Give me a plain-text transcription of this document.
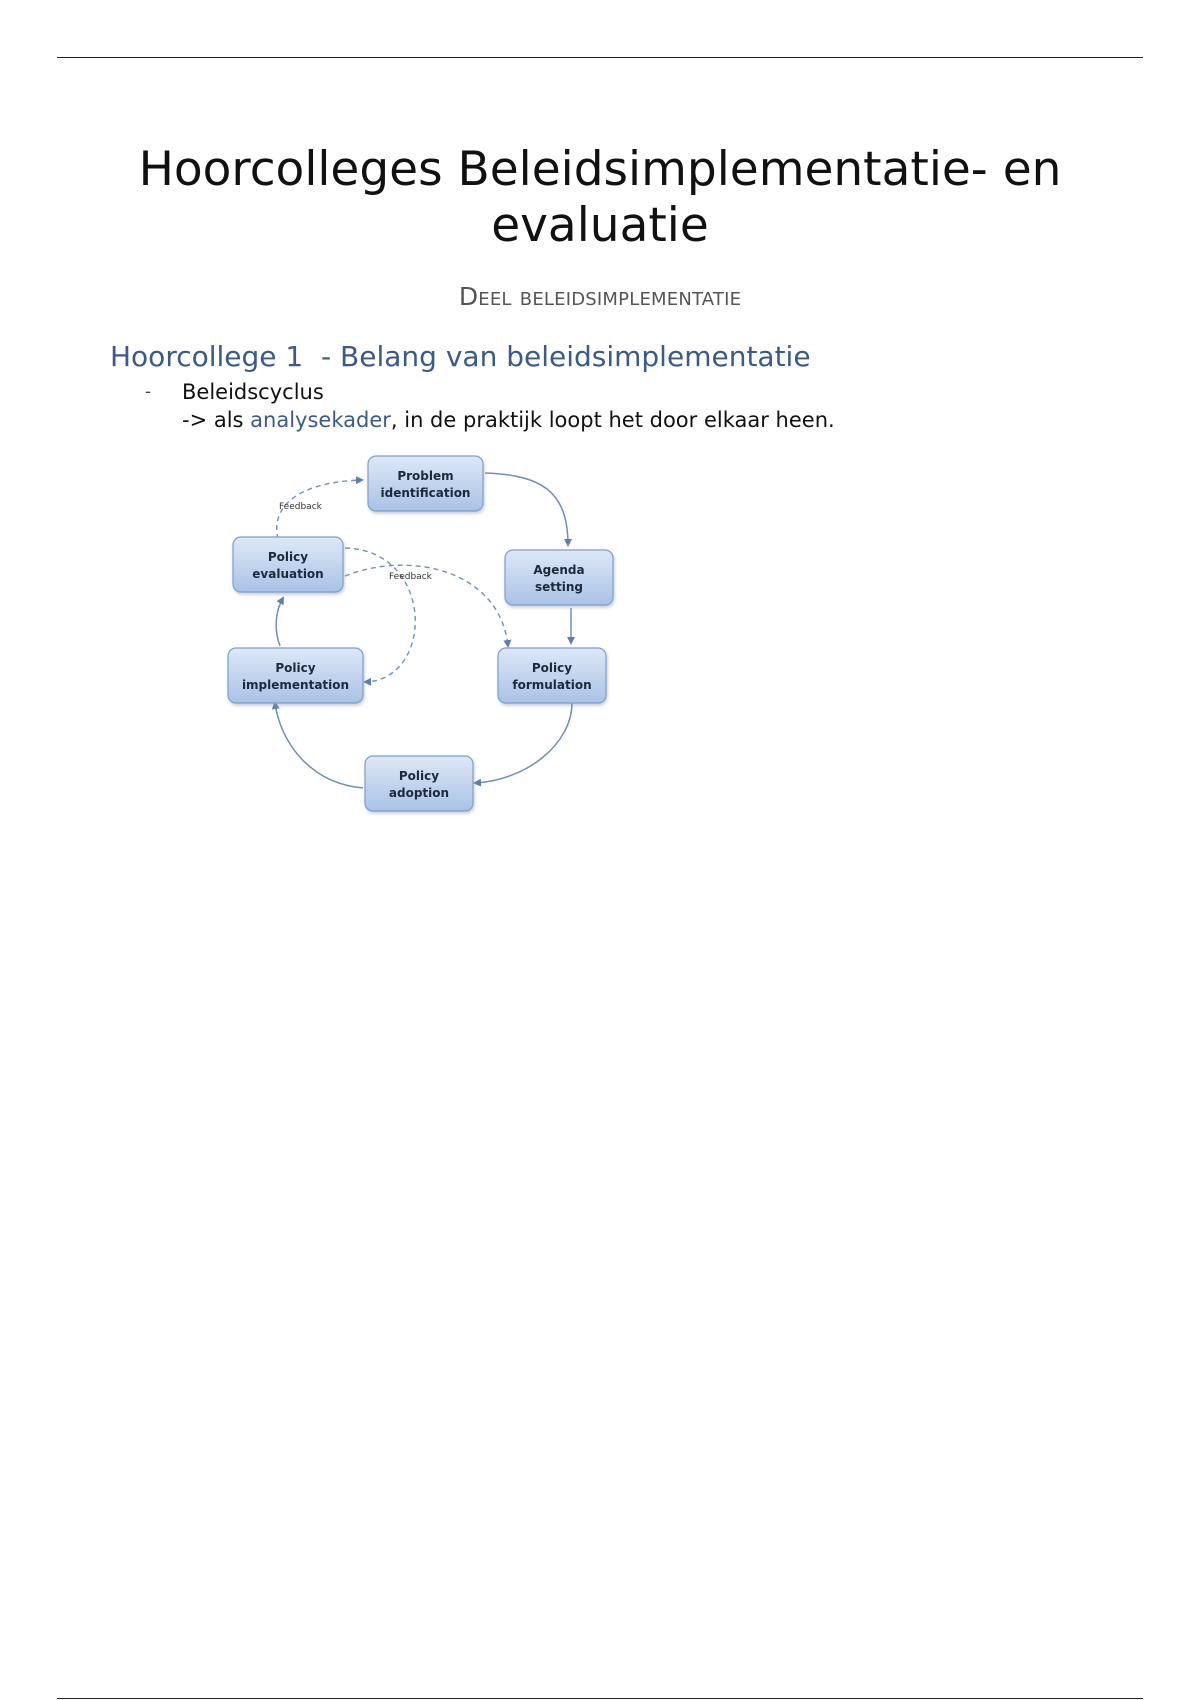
Hoorcolleges Beleidsimplementatie- en evaluatie
Deel beleidsimplementatie
Hoorcollege 1  - Belang van beleidsimplementatie
- Beleidscyclus
-> als analysekader, in de praktijk loopt het door elkaar heen.
Feedback
Feedback
Problem
identification
Agenda
setting
Policy
formulation
Policy
adoption
Policy
implementation
Policy
evaluation
